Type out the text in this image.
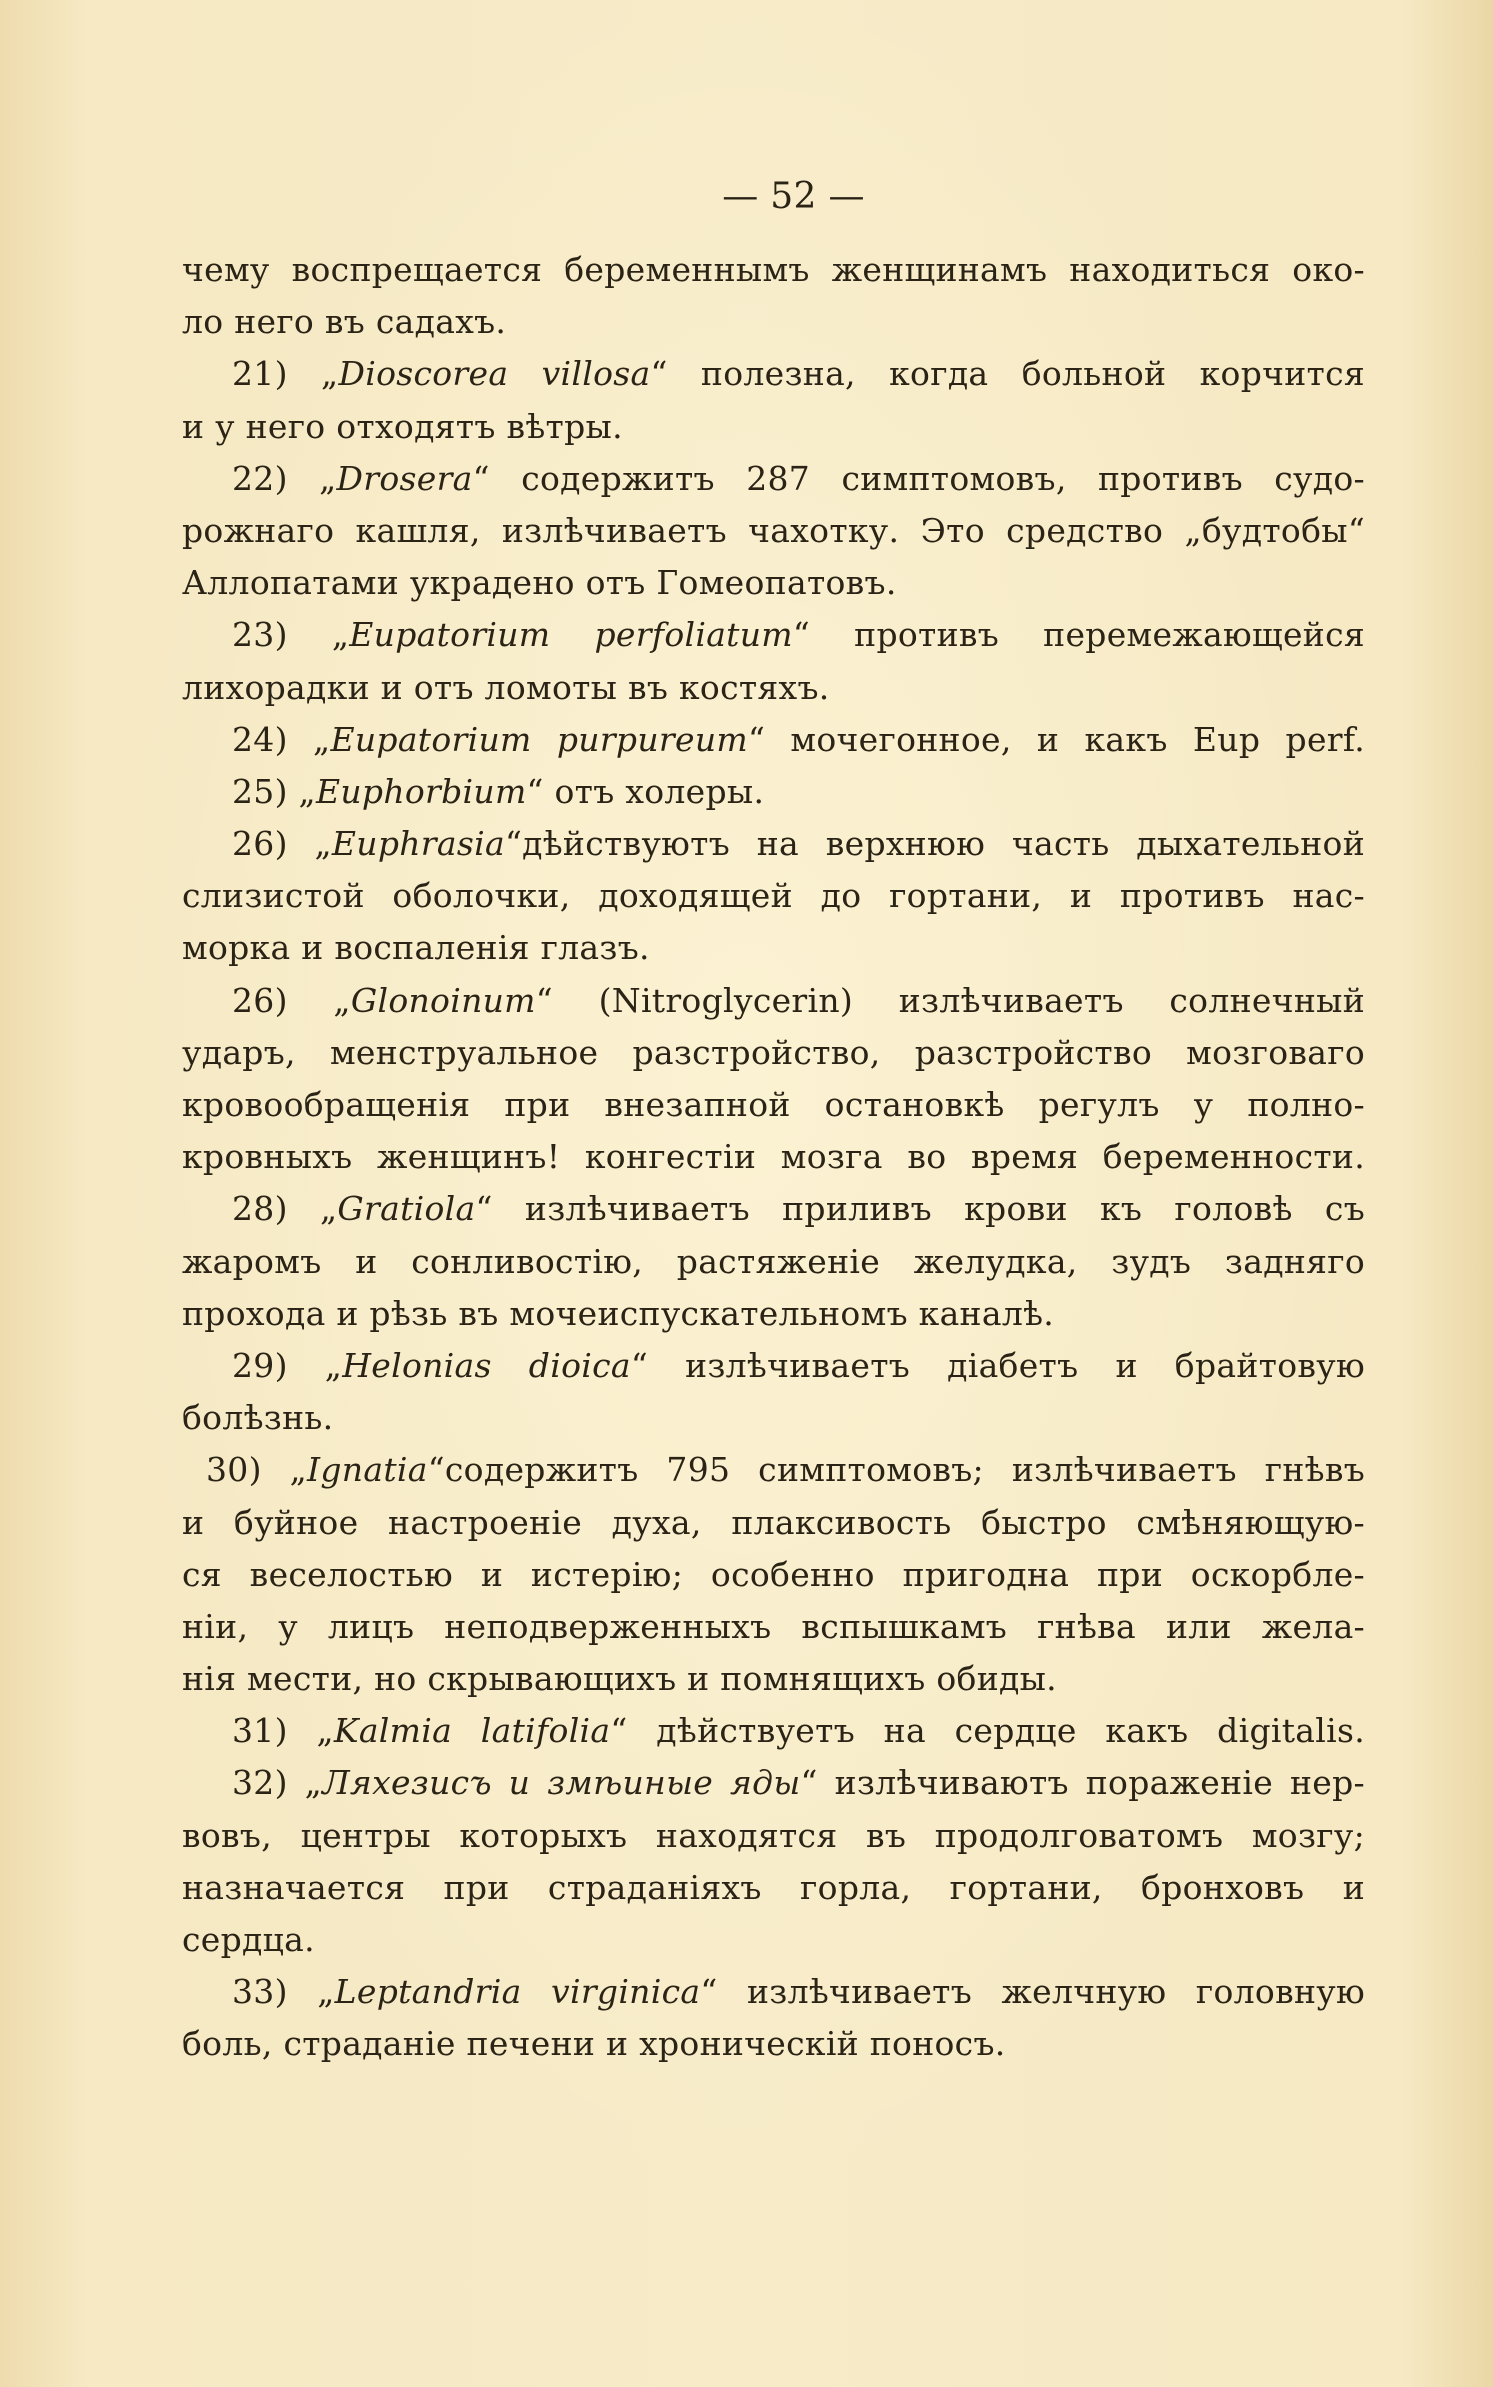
— 52 —
чему воспрещается беременнымъ женщинамъ находиться око-
ло него въ садахъ.
21) „Dioscorea villosa“ полезна, когда больной корчится
и у него отходятъ вѣтры.
22) „Drosera“ содержитъ 287 симптомовъ, противъ судо-
рожнаго кашля, излѣчиваетъ чахотку. Это средство „будтобы“
Аллопатами украдено отъ Гомеопатовъ.
23) „Eupatorium perfoliatum“ противъ перемежающейся
лихорадки и отъ ломоты въ костяхъ.
24) „Eupatorium purpureum“ мочегонное, и какъ Eup perf.
25) „Euphorbium“ отъ холеры.
26) „Euphrasia“дѣйствуютъ на верхнюю часть дыхательной
слизистой оболочки, доходящей до гортани, и противъ нас-
морка и воспаленія глазъ.
26) „Glonoinum“ (Nitroglycerin) излѣчиваетъ солнечный
ударъ, менструальное разстройство, разстройство мозговаго
кровообращенія при внезапной остановкѣ регулъ у полно-
кровныхъ женщинъ! конгестіи мозга во время беременности.
28) „Gratiola“ излѣчиваетъ приливъ крови къ головѣ съ
жаромъ и сонливостію, растяженіе желудка, зудъ задняго
прохода и рѣзь въ мочеиспускательномъ каналѣ.
29) „Helonias dioica“ излѣчиваетъ діабетъ и брайтовую
болѣзнь.
30) „Ignatia“содержитъ 795 симптомовъ; излѣчиваетъ гнѣвъ
и буйное настроеніе духа, плаксивость быстро смѣняющую-
ся веселостью и истерію; особенно пригодна при оскорбле-
ніи, у лицъ неподверженныхъ вспышкамъ гнѣва или жела-
нія мести, но скрывающихъ и помнящихъ обиды.
31) „Kalmia latifolia“ дѣйствуетъ на сердце какъ digitalis.
32) „Ляхезисъ и змѣиные яды“ излѣчиваютъ пораженіе нер-
вовъ, центры которыхъ находятся въ продолговатомъ мозгу;
назначается при страданіяхъ горла, гортани, бронховъ и
сердца.
33) „Leptandria virginica“ излѣчиваетъ желчную головную
боль, страданіе печени и хроническій поносъ.
